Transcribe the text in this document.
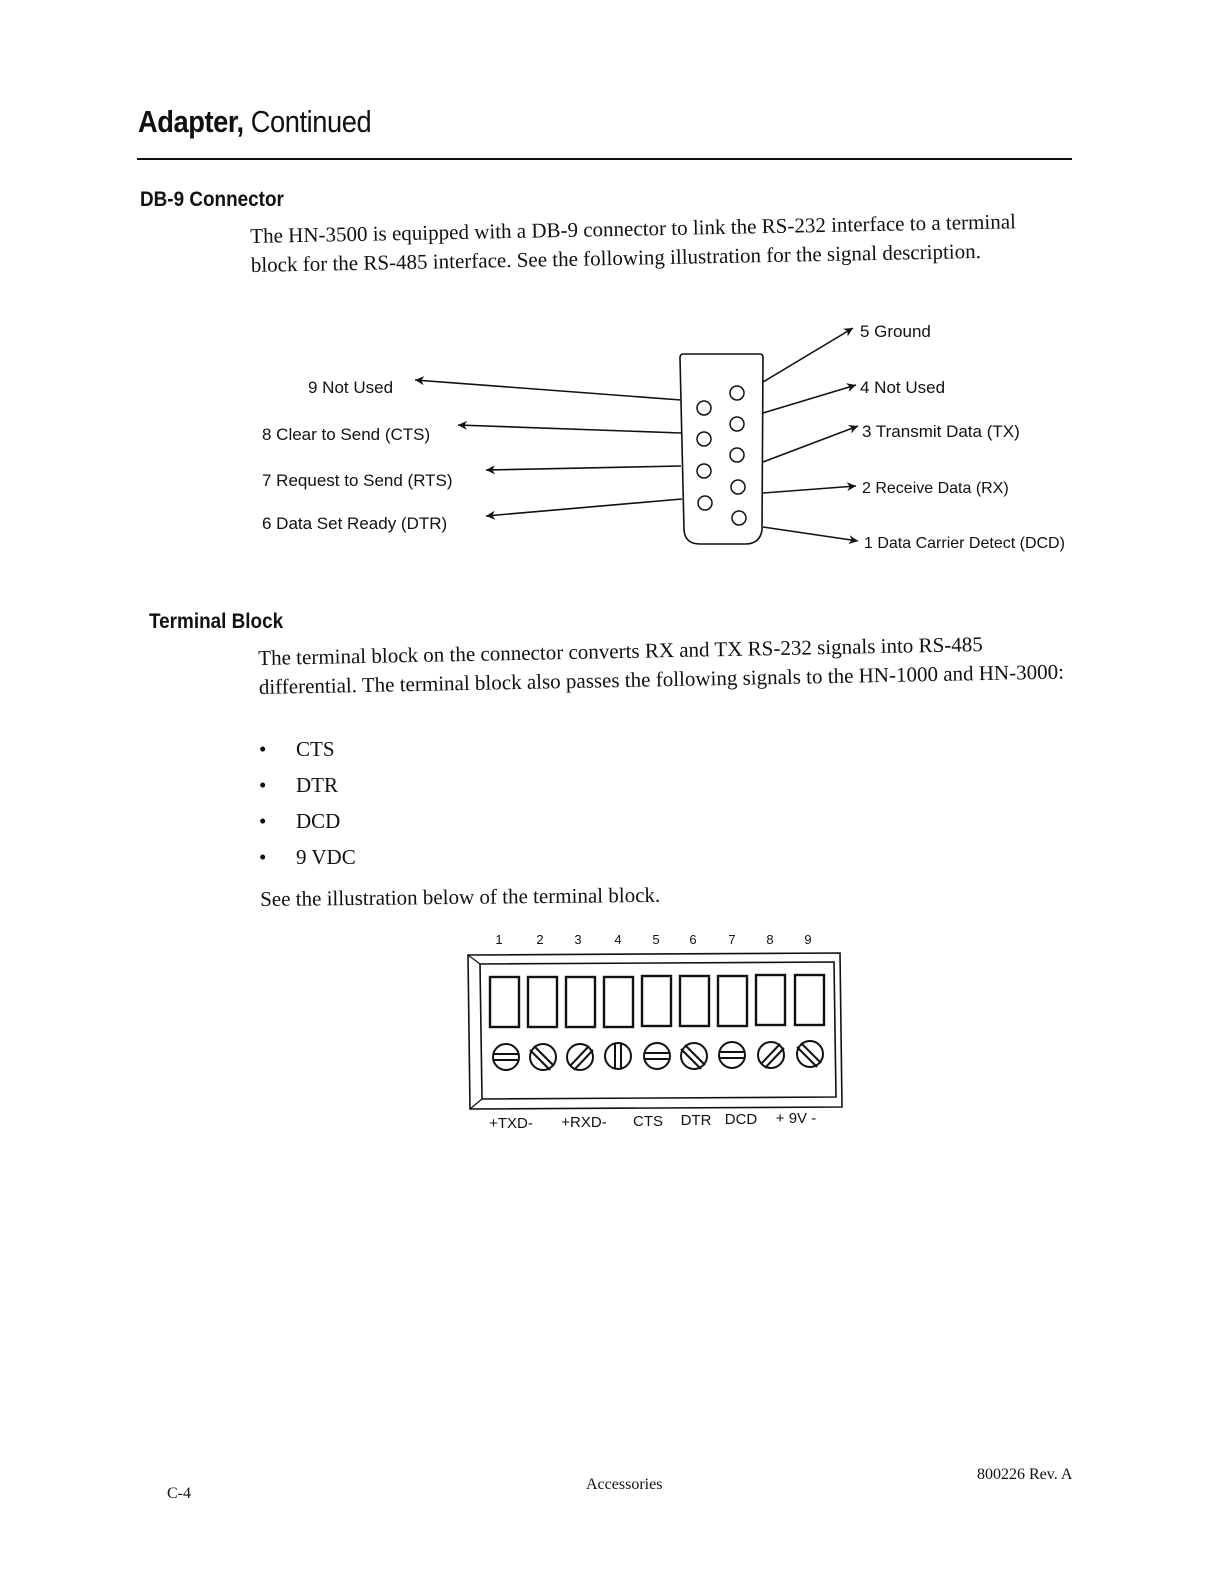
Adapter, Continued
DB-9 Connector
The HN-3500 is equipped with a DB-9 connector to link the RS-232 interface to a terminal block for the RS-485 interface. See the following illustration for the signal description.
9 Not Used
8 Clear to Send (CTS)
7 Request to Send (RTS)
6 Data Set Ready (DTR)
5 Ground
4 Not Used
3 Transmit Data (TX)
2 Receive Data (RX)
1 Data Carrier Detect (DCD)
Terminal Block
The terminal block on the connector converts RX and TX RS-232 signals into RS-485 differential. The terminal block also passes the following signals to the HN-1000 and HN-3000:
• CTS
• DTR
• DCD
• 9 VDC
See the illustration below of the terminal block.
1	2 3	4 5 6 7 8 9
+TXD- +RXD- CTS DTR DCD + 9V -
C-4
Accessories
800226 Rev. A
